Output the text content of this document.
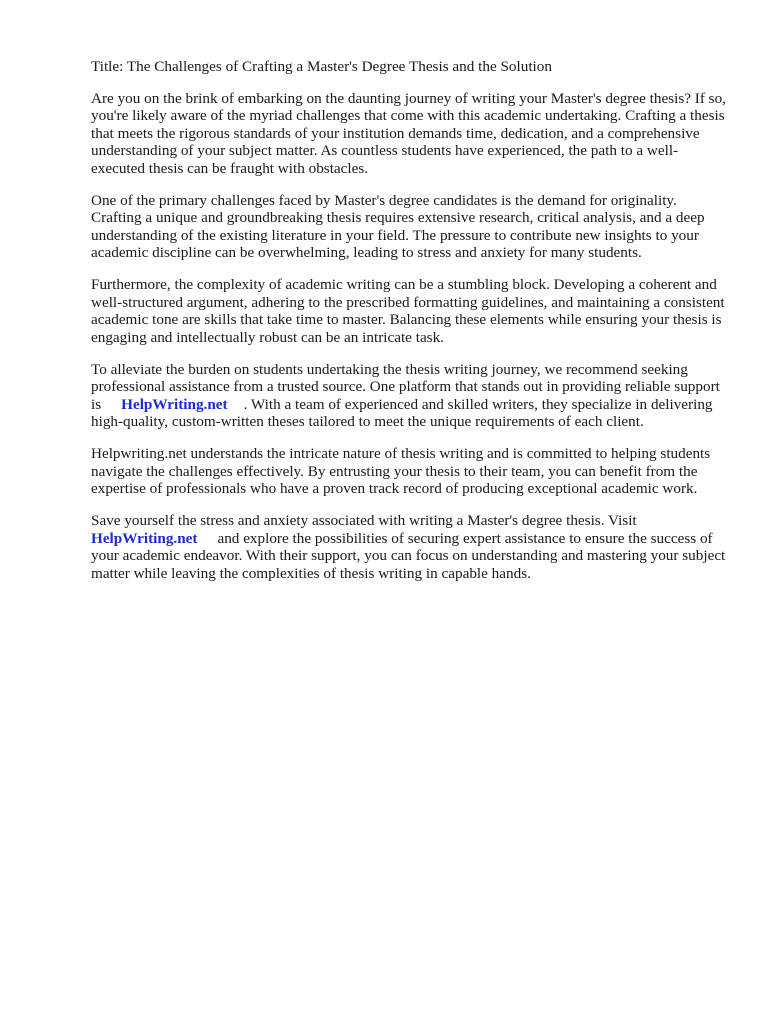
Title: The Challenges of Crafting a Master's Degree Thesis and the Solution

Are you on the brink of embarking on the daunting journey of writing your Master's degree thesis? If so, you're likely aware of the myriad challenges that come with this academic undertaking. Crafting a thesis that meets the rigorous standards of your institution demands time, dedication, and a comprehensive understanding of your subject matter. As countless students have experienced, the path to a well-executed thesis can be fraught with obstacles.

One of the primary challenges faced by Master's degree candidates is the demand for originality. Crafting a unique and groundbreaking thesis requires extensive research, critical analysis, and a deep understanding of the existing literature in your field. The pressure to contribute new insights to your academic discipline can be overwhelming, leading to stress and anxiety for many students.

Furthermore, the complexity of academic writing can be a stumbling block. Developing a coherent and well-structured argument, adhering to the prescribed formatting guidelines, and maintaining a consistent academic tone are skills that take time to master. Balancing these elements while ensuring your thesis is engaging and intellectually robust can be an intricate task.

To alleviate the burden on students undertaking the thesis writing journey, we recommend seeking professional assistance from a trusted source. One platform that stands out in providing reliable support is HelpWriting.net . With a team of experienced and skilled writers, they specialize in delivering high-quality, custom-written theses tailored to meet the unique requirements of each client.

Helpwriting.net understands the intricate nature of thesis writing and is committed to helping students navigate the challenges effectively. By entrusting your thesis to their team, you can benefit from the expertise of professionals who have a proven track record of producing exceptional academic work.

Save yourself the stress and anxiety associated with writing a Master's degree thesis. Visit HelpWriting.net and explore the possibilities of securing expert assistance to ensure the success of your academic endeavor. With their support, you can focus on understanding and mastering your subject matter while leaving the complexities of thesis writing in capable hands.
